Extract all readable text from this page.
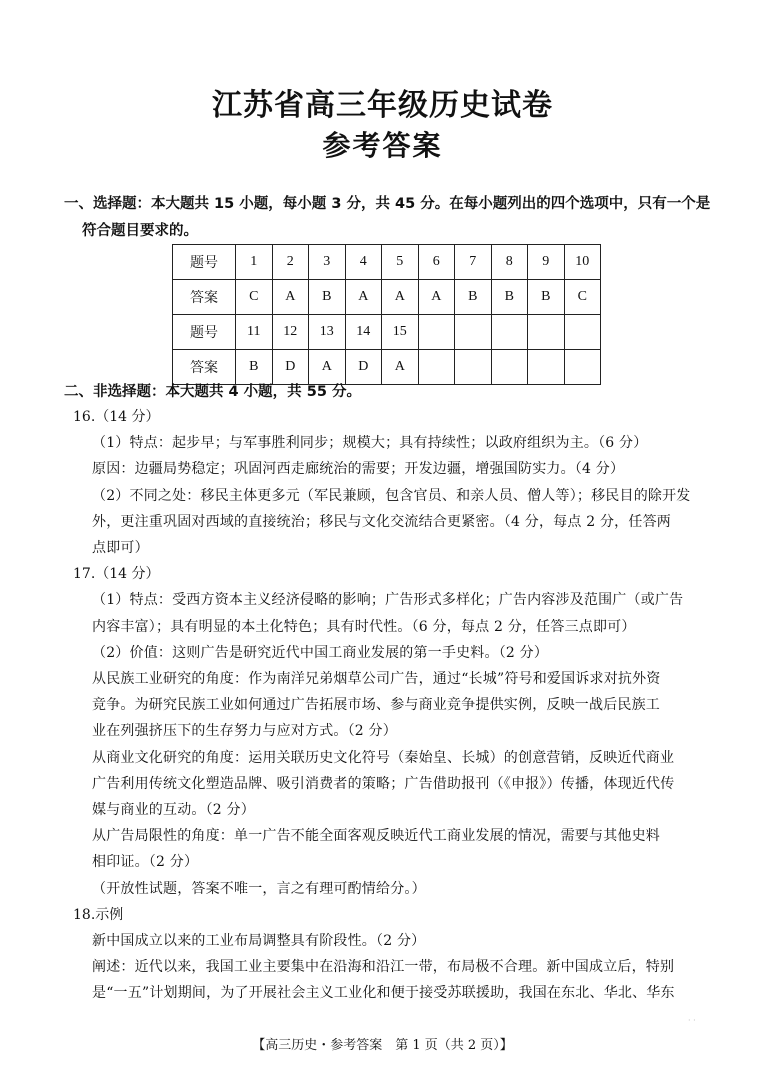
江苏省高三年级历史试卷
参考答案
一、选择题：本大题共 15 小题，每小题 3 分，共 45 分。在每小题列出的四个选项中，只有一个是
符合题目要求的。
题号	1	2	3	4	5	6	7	8	9	10
答案	C	A	B	A	A	A	B	B	B	C
题号	11	12	13	14	15					
答案	B	D	A	D	A					
二、非选择题：本大题共 4 小题，共 55 分。
16.（14 分）
（1）特点：起步早；与军事胜利同步；规模大；具有持续性；以政府组织为主。（6 分）
原因：边疆局势稳定；巩固河西走廊统治的需要；开发边疆，增强国防实力。（4 分）
（2）不同之处：移民主体更多元（军民兼顾，包含官员、和亲人员、僧人等）；移民目的除开发
外，更注重巩固对西域的直接统治；移民与文化交流结合更紧密。（4 分，每点 2 分，任答两
点即可）
17.（14 分）
（1）特点：受西方资本主义经济侵略的影响；广告形式多样化；广告内容涉及范围广（或广告
内容丰富）；具有明显的本土化特色；具有时代性。（6 分，每点 2 分，任答三点即可）
（2）价值：这则广告是研究近代中国工商业发展的第一手史料。（2 分）
从民族工业研究的角度：作为南洋兄弟烟草公司广告，通过“长城”符号和爱国诉求对抗外资
竞争。为研究民族工业如何通过广告拓展市场、参与商业竞争提供实例，反映一战后民族工
业在列强挤压下的生存努力与应对方式。（2 分）
从商业文化研究的角度：运用关联历史文化符号（秦始皇、长城）的创意营销，反映近代商业
广告利用传统文化塑造品牌、吸引消费者的策略；广告借助报刊（《申报》）传播，体现近代传
媒与商业的互动。（2 分）
从广告局限性的角度：单一广告不能全面客观反映近代工商业发展的情况，需要与其他史料
相印证。（2 分）
（开放性试题，答案不唯一，言之有理可酌情给分。）
18.示例
新中国成立以来的工业布局调整具有阶段性。（2 分）
阐述：近代以来，我国工业主要集中在沿海和沿江一带，布局极不合理。新中国成立后，特别
是“一五”计划期间，为了开展社会主义工业化和便于接受苏联援助，我国在东北、华北、华东
· ·
【高三历史・参考答案　第 1 页（共 2 页）】
